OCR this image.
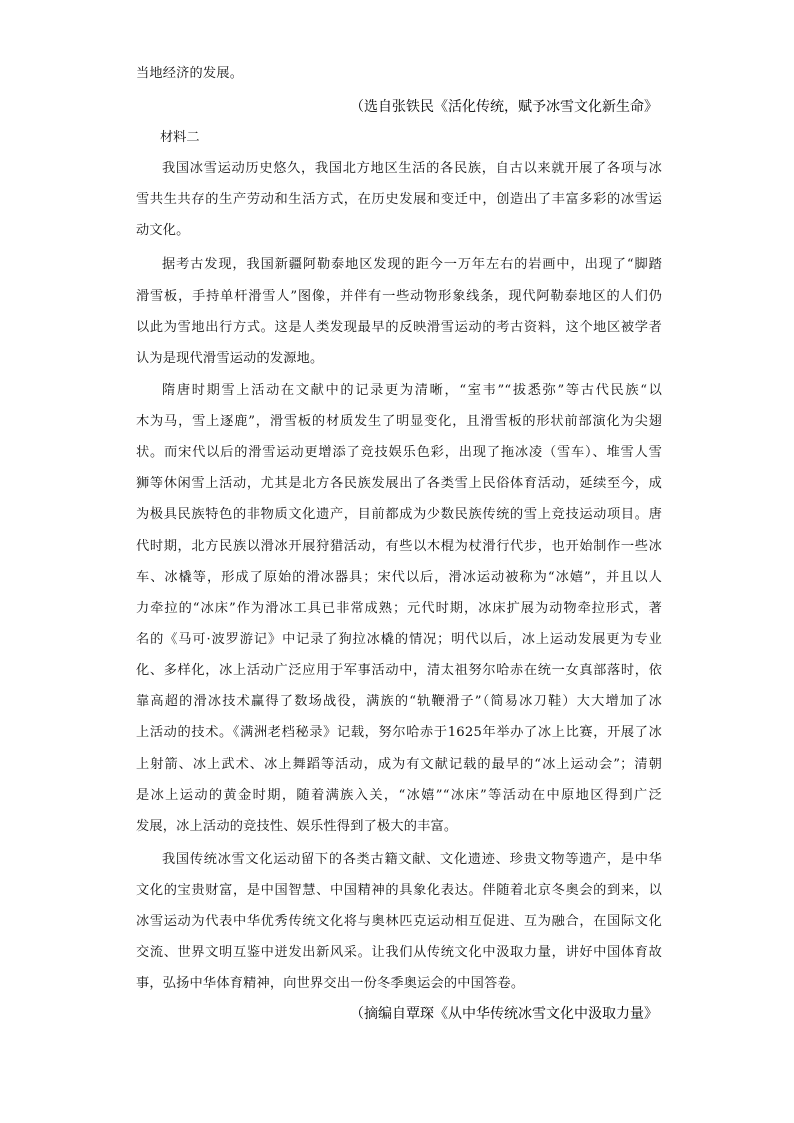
当地经济的发展。
（选自张铁民《活化传统，赋予冰雪文化新生命》
材料二
我国冰雪运动历史悠久，我国北方地区生活的各民族，自古以来就开展了各项与冰
雪共生共存的生产劳动和生活方式，在历史发展和变迁中，创造出了丰富多彩的冰雪运
动文化。
据考古发现，我国新疆阿勒泰地区发现的距今一万年左右的岩画中，出现了“脚踏
滑雪板，手持单杆滑雪人”图像，并伴有一些动物形象线条，现代阿勒泰地区的人们仍
以此为雪地出行方式。这是人类发现最早的反映滑雪运动的考古资料，这个地区被学者
认为是现代滑雪运动的发源地。
隋唐时期雪上活动在文献中的记录更为清晰，“室韦”“拔悉弥”等古代民族“以
木为马，雪上逐鹿”，滑雪板的材质发生了明显变化，且滑雪板的形状前部演化为尖翅
状。而宋代以后的滑雪运动更增添了竞技娱乐色彩，出现了拖冰凌（雪车）、堆雪人雪
狮等休闲雪上活动，尤其是北方各民族发展出了各类雪上民俗体育活动，延续至今，成
为极具民族特色的非物质文化遗产，目前都成为少数民族传统的雪上竞技运动项目。唐
代时期，北方民族以滑冰开展狩猎活动，有些以木棍为杖滑行代步，也开始制作一些冰
车、冰橇等，形成了原始的滑冰器具；宋代以后，滑冰运动被称为“冰嬉”，并且以人
力牵拉的“冰床”作为滑冰工具已非常成熟；元代时期，冰床扩展为动物牵拉形式，著
名的《马可·波罗游记》中记录了狗拉冰橇的情况；明代以后，冰上运动发展更为专业
化、多样化，冰上活动广泛应用于军事活动中，清太祖努尔哈赤在统一女真部落时，依
靠高超的滑冰技术赢得了数场战役，满族的“轨鞭滑子”（简易冰刀鞋）大大增加了冰
上活动的技术。《满洲老档秘录》记载，努尔哈赤于1625年举办了冰上比赛，开展了冰
上射箭、冰上武术、冰上舞蹈等活动，成为有文献记载的最早的“冰上运动会”；清朝
是冰上运动的黄金时期，随着满族入关，“冰嬉”“冰床”等活动在中原地区得到广泛
发展，冰上活动的竞技性、娱乐性得到了极大的丰富。
我国传统冰雪文化运动留下的各类古籍文献、文化遗迹、珍贵文物等遗产，是中华
文化的宝贵财富，是中国智慧、中国精神的具象化表达。伴随着北京冬奥会的到来，以
冰雪运动为代表中华优秀传统文化将与奥林匹克运动相互促进、互为融合，在国际文化
交流、世界文明互鉴中迸发出新风采。让我们从传统文化中汲取力量，讲好中国体育故
事，弘扬中华体育精神，向世界交出一份冬季奥运会的中国答卷。
（摘编自覃琛《从中华传统冰雪文化中汲取力量》
